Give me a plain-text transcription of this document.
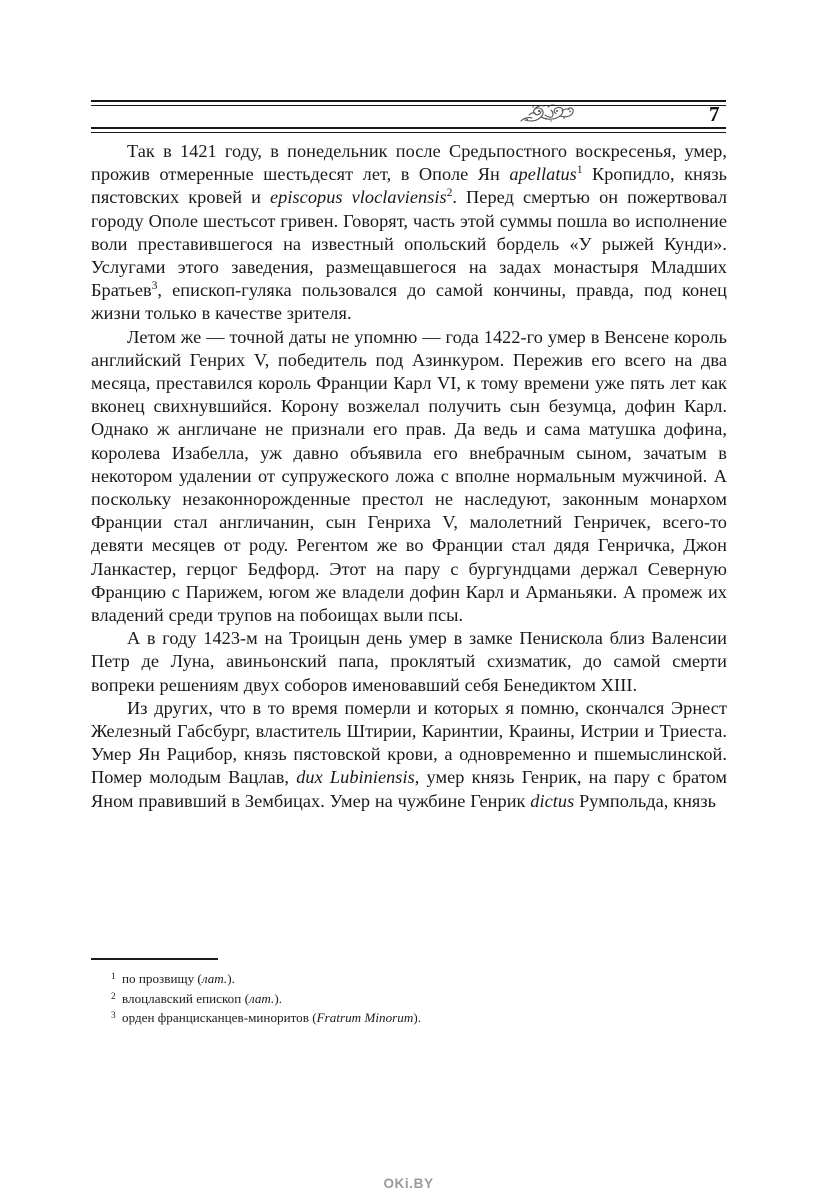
7

Так в 1421 году, в понедельник после Средьпостного воскресенья, умер, прожив отмеренные шестьдесят лет, в Ополе Ян apellatus$^1$ Кропидло, князь пястовских кровей и episcopus vloclaviensis$^2$. Перед смертью он пожертвовал городу Ополе шестьсот гривен. Говорят, часть этой суммы пошла во исполнение воли преставившегося на известный опольский бордель «У рыжей Кунди». Услугами этого заведения, размещавшегося на задах монастыря Младших Братьев$^3$, епископ-гуляка пользовался до самой кончины, правда, под конец жизни только в качестве зрителя.

Летом же — точной даты не упомню — года 1422-го умер в Венсене король английский Генрих V, победитель под Азинкуром. Пережив его всего на два месяца, преставился король Франции Карл VI, к тому времени уже пять лет как вконец свихнувшийся. Корону возжелал получить сын безумца, дофин Карл. Однако ж англичане не признали его прав. Да ведь и сама матушка дофина, королева Изабелла, уж давно объявила его внебрачным сыном, зачатым в некотором удалении от супружеского ложа с вполне нормальным мужчиной. А поскольку незаконнорожденные престол не наследуют, законным монархом Франции стал англичанин, сын Генриха V, малолетний Генричек, всего-то девяти месяцев от роду. Регентом же во Франции стал дядя Генричка, Джон Ланкастер, герцог Бедфорд. Этот на пару с бургундцами держал Северную Францию с Парижем, югом же владели дофин Карл и Арманьяки. А промеж их владений среди трупов на побоищах выли псы.

А в году 1423-м на Троицын день умер в замке Пенискола близ Валенсии Петр де Луна, авиньонский папа, проклятый схизматик, до самой смерти вопреки решениям двух соборов именовавший себя Бенедиктом XIII.

Из других, что в то время померли и которых я помню, скончался Эрнест Железный Габсбург, властитель Штирии, Каринтии, Краины, Истрии и Триеста. Умер Ян Рацибор, князь пястовской крови, а одновременно и пшемыслинской. Помер молодым Вацлав, dux Lubiniensis, умер князь Генрик, на пару с братом Яном правивший в Зембицах. Умер на чужбине Генрик dictus Румпольда, князь

1 по прозвищу (лат.).
2 влоцлавский епископ (лат.).
3 орден франциcканцев-миноритов (Fratrum Minorum).
OKi.BY
